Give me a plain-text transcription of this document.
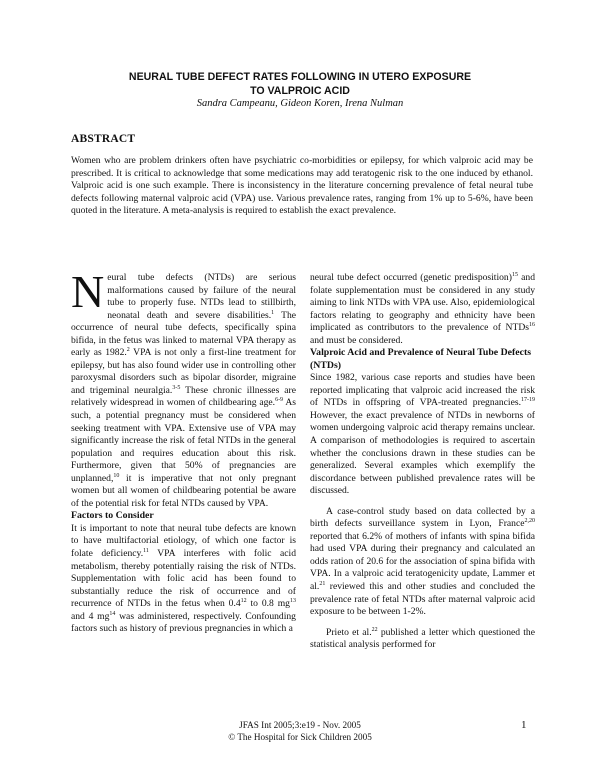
NEURAL TUBE DEFECT RATES FOLLOWING IN UTERO EXPOSURE
TO VALPROIC ACID
Sandra Campeanu, Gideon Koren, Irena Nulman
ABSTRACT
Women who are problem drinkers often have psychiatric co-morbidities or epilepsy, for which valproic acid may be prescribed. It is critical to acknowledge that some medications may add teratogenic risk to the one induced by ethanol. Valproic acid is one such example. There is inconsistency in the literature concerning prevalence of fetal neural tube defects following maternal valproic acid (VPA) use. Various prevalence rates, ranging from 1% up to 5-6%, have been quoted in the literature. A meta-analysis is required to establish the exact prevalence.

Neural tube defects (NTDs) are serious malformations caused by failure of the neural tube to properly fuse. NTDs lead to stillbirth, neonatal death and severe disabilities.$^1$ The occurrence of neural tube defects, specifically spina bifida, in the fetus was linked to maternal VPA therapy as early as 1982.$^2$ VPA is not only a first-line treatment for epilepsy, but has also found wider use in controlling other paroxysmal disorders such as bipolar disorder, migraine and trigeminal neuralgia.$^{3-5}$ These chronic illnesses are relatively widespread in women of childbearing age.$^{6-9}$ As such, a potential pregnancy must be considered when seeking treatment with VPA. Extensive use of VPA may significantly increase the risk of fetal NTDs in the general population and requires education about this risk. Furthermore, given that 50% of pregnancies are unplanned,$^{10}$ it is imperative that not only pregnant women but all women of childbearing potential be aware of the potential risk for fetal NTDs caused by VPA.

Factors to Consider

It is important to note that neural tube defects are known to have multifactorial etiology, of which one factor is folate deficiency.$^{11}$ VPA interferes with folic acid metabolism, thereby potentially raising the risk of NTDs. Supplementation with folic acid has been found to substantially reduce the risk of occurrence and of recurrence of NTDs in the fetus when $0.4^{12}$ to 0.8 $mg^{13}$ and 4 $mg^{14}$ was administered, respectively. Confounding factors such as history of previous pregnancies in which a

neural tube defect occurred (genetic predisposition)$^{15}$ and folate supplementation must be considered in any study aiming to link NTDs with VPA use. Also, epidemiological factors relating to geography and ethnicity have been implicated as contributors to the prevalence of NTDs$^{16}$ and must be considered.

Valproic Acid and Prevalence of Neural Tube Defects (NTDs)

Since 1982, various case reports and studies have been reported implicating that valproic acid increased the risk of NTDs in offspring of VPA-treated pregnancies.$^{17-19}$ However, the exact prevalence of NTDs in newborns of women undergoing valproic acid therapy remains unclear. A comparison of methodologies is required to ascertain whether the conclusions drawn in these studies can be generalized. Several examples which exemplify the discordance between published prevalence rates will be discussed.

A case-control study based on data collected by a birth defects surveillance system in Lyon, France$^{2,20}$ reported that 6.2% of mothers of infants with spina bifida had used VPA during their pregnancy and calculated an odds ration of 20.6 for the association of spina bifida with VPA. In a valproic acid teratogenicity update, Lammer et al.$^{21}$ reviewed this and other studies and concluded the prevalence rate of fetal NTDs after maternal valproic acid exposure to be between 1-2%.

Prieto et al.$^{22}$ published a letter which questioned the statistical analysis performed for

JFAS Int 2005;3:e19 - Nov. 2005
© The Hospital for Sick Children 2005
1
